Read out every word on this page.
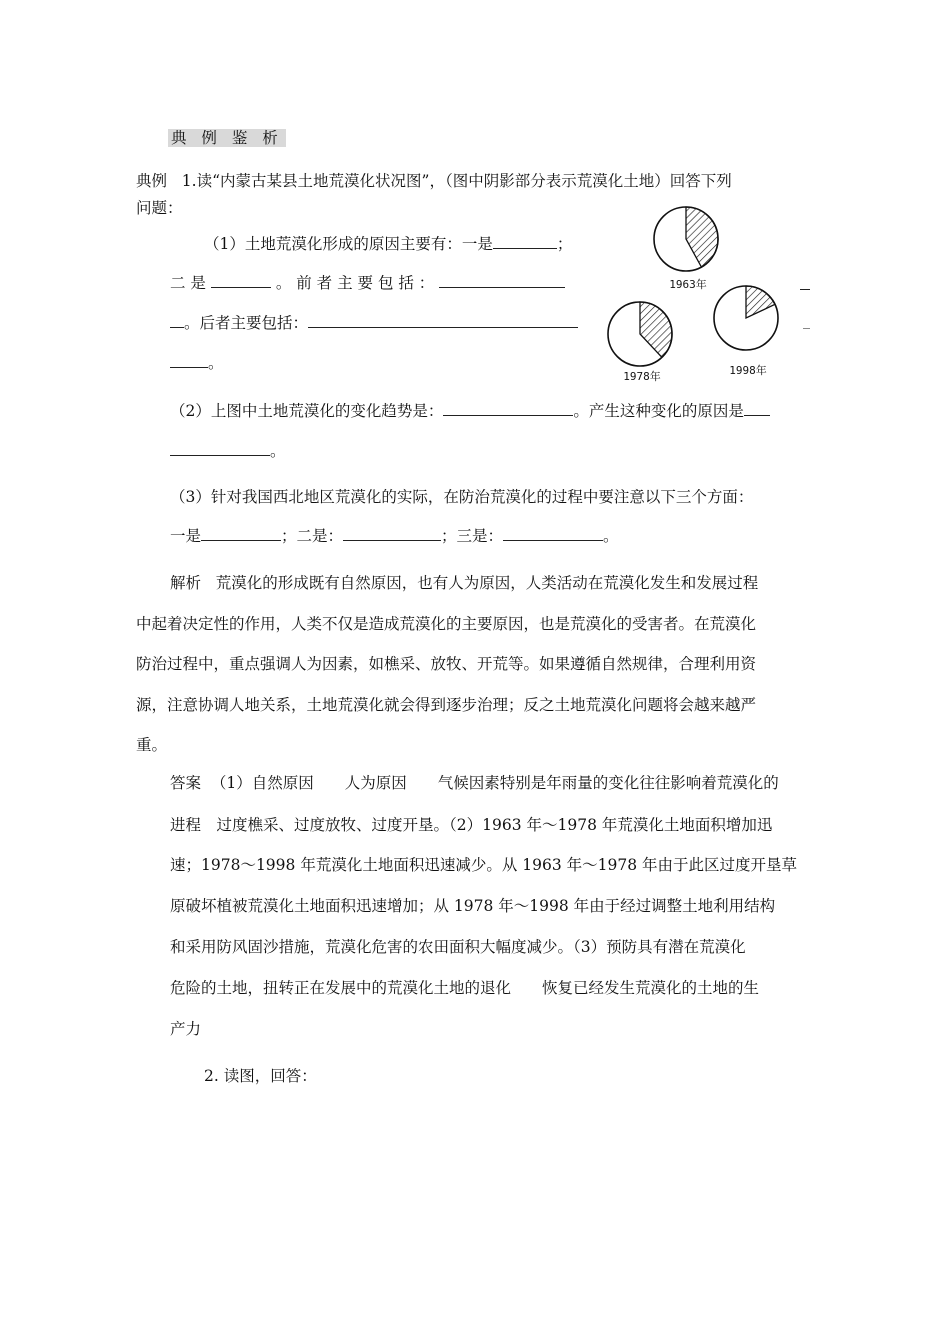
典 例 鉴 析
典例 1.读“内蒙古某县土地荒漠化状况图”，（图中阴影部分表示荒漠化土地）回答下列
问题：
（1）土地荒漠化形成的原因主要有：一是	；
二 是	。 前 者 主 要 包 括 ：
。后者主要包括：
。
1963年
1978年	1998年
（2）上图中土地荒漠化的变化趋势是：	。产生这种变化的原因是
。
（3）针对我国西北地区荒漠化的实际，在防治荒漠化的过程中要注意以下三个方面：
一是	；二是：	；三是：	。
解析 荒漠化的形成既有自然原因，也有人为原因，人类活动在荒漠化发生和发展过程
中起着决定性的作用，人类不仅是造成荒漠化的主要原因，也是荒漠化的受害者。在荒漠化
防治过程中，重点强调人为因素，如樵采、放牧、开荒等。如果遵循自然规律，合理利用资
源，注意协调人地关系，土地荒漠化就会得到逐步治理；反之土地荒漠化问题将会越来越严
重。
答案 （1）自然原因　　人为原因　　气候因素特别是年雨量的变化往往影响着荒漠化的
进程　过度樵采、过度放牧、过度开垦。（2）1963 年～1978 年荒漠化土地面积增加迅
速；1978～1998 年荒漠化土地面积迅速减少。从 1963 年～1978 年由于此区过度开垦草
原破坏植被荒漠化土地面积迅速增加；从 1978 年～1998 年由于经过调整土地利用结构
和采用防风固沙措施，荒漠化危害的农田面积大幅度减少。（3）预防具有潜在荒漠化
危险的土地，扭转正在发展中的荒漠化土地的退化　　恢复已经发生荒漠化的土地的生
产力
2. 读图，回答：
